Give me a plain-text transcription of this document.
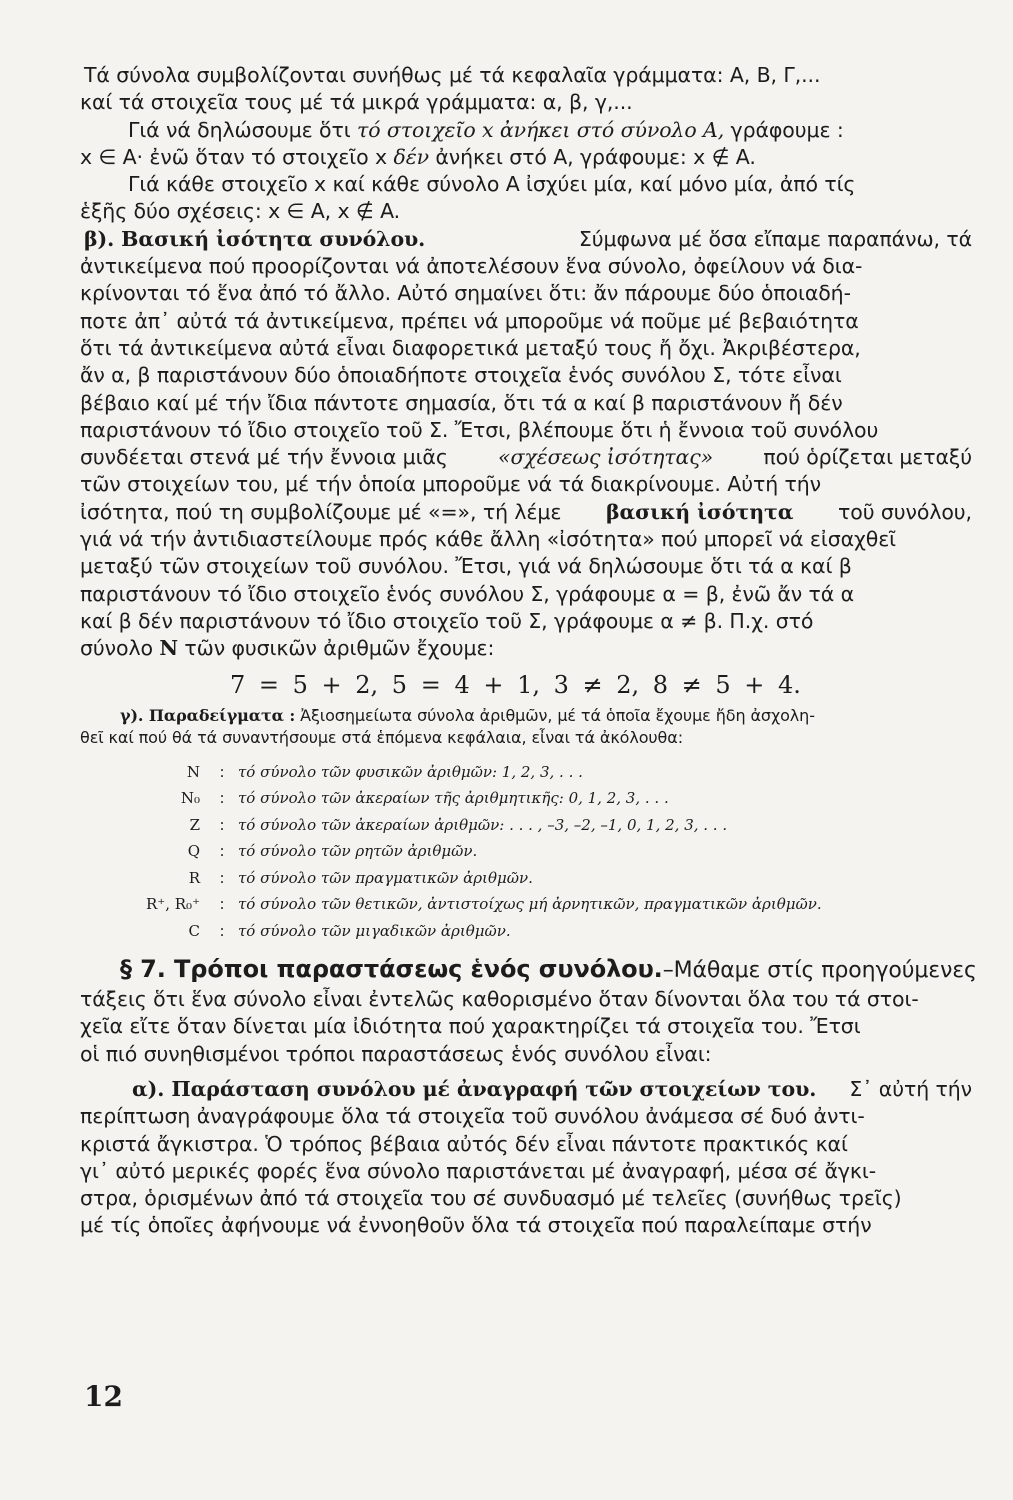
Τά σύνολα συμβολίζονται συνήθως μέ τά κεφαλαῖα γράμματα: Α, Β, Γ,...
καί τά στοιχεῖα τους μέ τά μικρά γράμματα: α, β, γ,...
Γιά νά δηλώσουμε ὅτι τό στοιχεῖο x ἀνήκει στό σύνολο Α, γράφουμε :
x ∈ A· ἐνῶ ὅταν τό στοιχεῖο x δέν ἀνήκει στό Α, γράφουμε: x ∉ A.
Γιά κάθε στοιχεῖο x καί κάθε σύνολο Α ἰσχύει μία, καί μόνο μία, ἀπό τίς
ἑξῆς δύο σχέσεις: x ∈ A, x ∉ A.
β). Βασική ἰσότητα συνόλου.	Σύμφωνα μέ ὅσα εἴπαμε παραπάνω, τά
ἀντικείμενα πού προορίζονται νά ἀποτελέσουν ἕνα σύνολο, ὀφείλουν νά δια-
κρίνονται τό ἕνα ἀπό τό ἄλλο. Αὐτό σημαίνει ὅτι: ἄν πάρουμε δύο ὁποιαδή-
ποτε ἀπ᾽ αὐτά τά ἀντικείμενα, πρέπει νά μποροῦμε νά ποῦμε μέ βεβαιότητα
ὅτι τά ἀντικείμενα αὐτά εἶναι διαφορετικά μεταξύ τους ἤ ὄχι. Ἀκριβέστερα,
ἄν α, β παριστάνουν δύο ὁποιαδήποτε στοιχεῖα ἑνός συνόλου Σ, τότε εἶναι
βέβαιο καί μέ τήν ἴδια πάντοτε σημασία, ὅτι τά α καί β παριστάνουν ἤ δέν
παριστάνουν τό ἴδιο στοιχεῖο τοῦ Σ. Ἔτσι, βλέπουμε ὅτι ἡ ἔννοια τοῦ συνόλου
συνδέεται στενά μέ τήν ἔννοια μιᾶς «σχέσεως ἰσότητας» πού ὁρίζεται μεταξύ
τῶν στοιχείων του, μέ τήν ὁποία μποροῦμε νά τά διακρίνουμε. Αὐτή τήν
ἰσότητα, πού τη συμβολίζουμε μέ «=», τή λέμε βασική ἰσότητα τοῦ συνόλου,
γιά νά τήν ἀντιδιαστείλουμε πρός κάθε ἄλλη «ἰσότητα» πού μπορεῖ νά εἰσαχθεῖ
μεταξύ τῶν στοιχείων τοῦ συνόλου. Ἔτσι, γιά νά δηλώσουμε ὅτι τά α καί β
παριστάνουν τό ἴδιο στοιχεῖο ἑνός συνόλου Σ, γράφουμε α = β, ἐνῶ ἄν τά α
καί β δέν παριστάνουν τό ἴδιο στοιχεῖο τοῦ Σ, γράφουμε α ≠ β. Π.χ. στό
σύνολο N τῶν φυσικῶν ἀριθμῶν ἔχουμε:
7 = 5 + 2, 5 = 4 + 1, 3 ≠ 2, 8 ≠ 5 + 4.
γ). Παραδείγματα : Ἀξιοσημείωτα σύνολα ἀριθμῶν, μέ τά ὁποῖα ἔχουμε ἤδη ἀσχολη-
θεῖ καί πού θά τά συναντήσουμε στά ἑπόμενα κεφάλαια, εἶναι τά ἀκόλουθα:
N	: τό σύνολο τῶν φυσικῶν ἀριθμῶν: 1, 2, 3, . . .
N₀	: τό σύνολο τῶν ἀκεραίων τῆς ἀριθμητικῆς: 0, 1, 2, 3, . . .
Z	: τό σύνολο τῶν ἀκεραίων ἀριθμῶν: . . . , –3, –2, –1, 0, 1, 2, 3, . . .
Q	: τό σύνολο τῶν ρητῶν ἀριθμῶν.
R	: τό σύνολο τῶν πραγματικῶν ἀριθμῶν.
R⁺, R₀⁺	: τό σύνολο τῶν θετικῶν, ἀντιστοίχως μή ἀρνητικῶν, πραγματικῶν ἀριθμῶν.
C	: τό σύνολο τῶν μιγαδικῶν ἀριθμῶν.
§ 7. Τρόποι παραστάσεως ἑνός συνόλου.–Μάθαμε στίς προηγούμενες
τάξεις ὅτι ἕνα σύνολο εἶναι ἐντελῶς καθορισμένο ὅταν δίνονται ὅλα του τά στοι-
χεῖα εἴτε ὅταν δίνεται μία ἰδιότητα πού χαρακτηρίζει τά στοιχεῖα του. Ἔτσι
οἱ πιό συνηθισμένοι τρόποι παραστάσεως ἑνός συνόλου εἶναι:
α). Παράσταση συνόλου μέ ἀναγραφή τῶν στοιχείων του. Σ᾽ αὐτή τήν
περίπτωση ἀναγράφουμε ὅλα τά στοιχεῖα τοῦ συνόλου ἀνάμεσα σέ δυό ἀντι-
κριστά ἄγκιστρα. Ὁ τρόπος βέβαια αὐτός δέν εἶναι πάντοτε πρακτικός καί
γι᾽ αὐτό μερικές φορές ἕνα σύνολο παριστάνεται μέ ἀναγραφή, μέσα σέ ἄγκι-
στρα, ὁρισμένων ἀπό τά στοιχεῖα του σέ συνδυασμό μέ τελεῖες (συνήθως τρεῖς)
μέ τίς ὁποῖες ἀφήνουμε νά ἐννοηθοῦν ὅλα τά στοιχεῖα πού παραλείπαμε στήν
12
